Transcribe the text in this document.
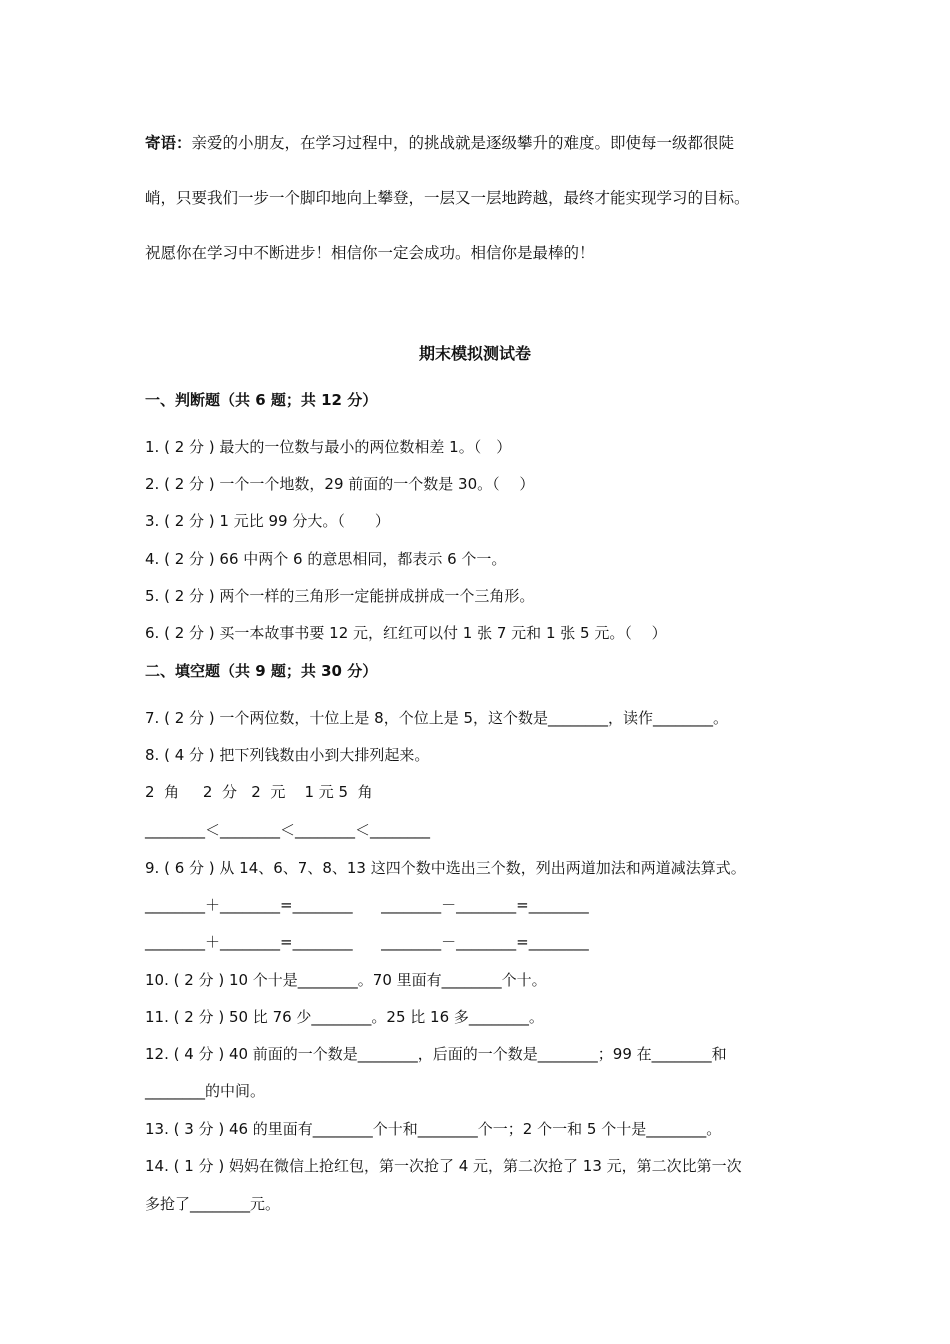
寄语：亲爱的小朋友，在学习过程中，的挑战就是逐级攀升的难度。即使每一级都很陡
峭，只要我们一步一个脚印地向上攀登，一层又一层地跨越，最终才能实现学习的目标。
祝愿你在学习中不断进步！相信你一定会成功。相信你是最棒的！
期末模拟测试卷
一、判断题（共 6 题；共 12 分）
1. ( 2 分 ) 最大的一位数与最小的两位数相差 1。（　）
2. ( 2 分 ) 一个一个地数，29 前面的一个数是 30。（　 ）
3. ( 2 分 ) 1 元比 99 分大。（　　）
4. ( 2 分 ) 66 中两个 6 的意思相同，都表示 6 个一。
5. ( 2 分 ) 两个一样的三角形一定能拼成拼成一个三角形。
6. ( 2 分 ) 买一本故事书要 12 元，红红可以付 1 张 7 元和 1 张 5 元。（　 ）
二、填空题（共 9 题；共 30 分）
7. ( 2 分 ) 一个两位数，十位上是 8，个位上是 5，这个数是________，读作________。
8. ( 4 分 ) 把下列钱数由小到大排列起来。
2  角     2  分   2  元    1 元 5  角
________＜________＜________＜________
9. ( 6 分 ) 从 14、6、7、8、13 这四个数中选出三个数，列出两道加法和两道减法算式。
________＋________=________      ________－________=________
________＋________=________      ________－________=________
10. ( 2 分 ) 10 个十是________。70 里面有________个十。
11. ( 2 分 ) 50 比 76 少________。25 比 16 多________。
12. ( 4 分 ) 40 前面的一个数是________，后面的一个数是________；99 在________和
________的中间。
13. ( 3 分 ) 46 的里面有________个十和________个一；2 个一和 5 个十是________。
14. ( 1 分 ) 妈妈在微信上抢红包，第一次抢了 4 元，第二次抢了 13 元，第二次比第一次
多抢了________元。
